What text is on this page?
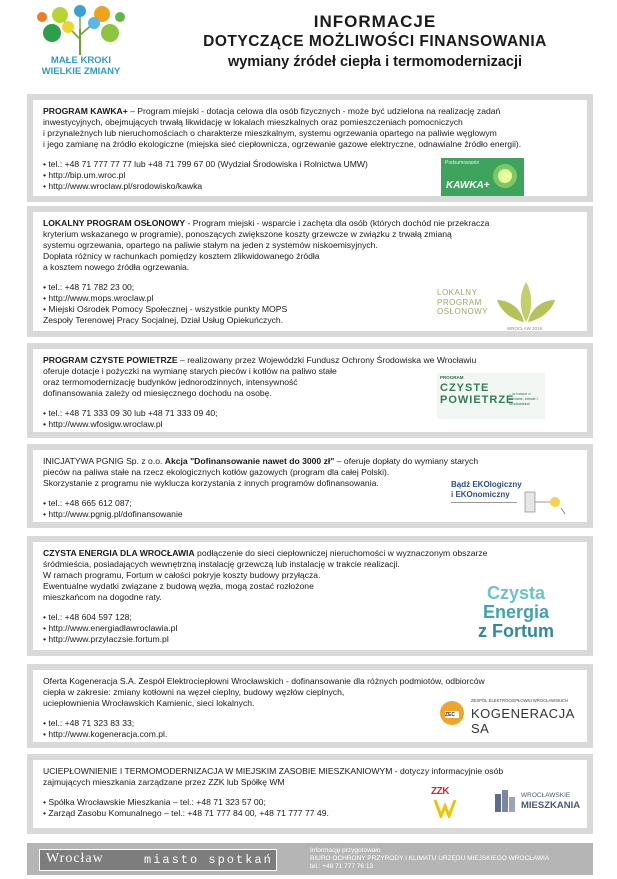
MAŁE KROKI
WIELKIE ZMIANY
INFORMACJE
DOTYCZĄCE MOŻLIWOŚCI FINANSOWANIA
wymiany źródeł ciepła i termomodernizacji

PROGRAM KAWKA+ – Program miejski - dotacja celowa dla osób fizycznych - może być udzielona na realizację zadań

inwestycyjnych, obejmujących trwałą likwidację w lokalach mieszkalnych oraz pomieszczeniach pomocniczych

i przynależnych lub nieruchomościach o charakterze mieszkalnym, systemu ogrzewania opartego na paliwie węglowym

i jego zamianę na źródło ekologiczne (miejska sieć ciepłownicza, ogrzewanie gazowe elektryczne, odnawialne źródło energii).

• tel.: +48 71 777 77 77 lub +48 71 799 67 00 (Wydział Środowiska i Rolnictwa UMW)

• http://bip.um.wroc.pl

• http://www.wroclaw.pl/srodowisko/kawka

Podsumowanie
KAWKA+

LOKALNY PROGRAM OSŁONOWY - Program miejski - wsparcie i zachęta dla osób (których dochód nie przekracza

kryterium wskazanego w programie), ponoszących zwiększone koszty grzewcze w związku z trwałą zmianą

systemu ogrzewania, opartego na paliwie stałym na jeden z systemów niskoemisyjnych.

Dopłata różnicy w rachunkach pomiędzy kosztem zlikwidowanego źródła

a kosztem nowego źródła ogrzewania.

• tel.: +48 71 782 23 00;

• http://www.mops.wroclaw.pl

• Miejski Ośrodek Pomocy Społecznej - wszystkie punkty MOPS

Zespoły Terenowej Pracy Socjalnej, Dział Usług Opiekuńczych.

LOKALNY
PROGRAM
OSŁONOWY
WROCŁAW 2016

PROGRAM CZYSTE POWIETRZE – realizowany przez Wojewódzki Fundusz Ochrony Środowiska we Wrocławiu

oferuje dotacje i pożyczki na wymianę starych pieców i kotłów na paliwo stałe

oraz termomodernizację budynków jednorodzinnych, intensywność

dofinansowania zależy od miesięcznego dochodu na osobę.

• tel.: +48 71 333 09 30 lub +48 71 333 09 40;

• http://www.wfosigw.wroclaw.pl

PROGRAM
CZYSTE
POWIETRZE
– w trosce o zdrowie, klimat i środowisko!

INICJATYWA PGNIG Sp. z o.o. Akcja "Dofinansowanie nawet do 3000 zł" – oferuje dopłaty do wymiany starych

pieców na paliwa stałe na rzecz ekologicznych kotłów gazowych (program dla całej Polski).

Skorzystanie z programu nie wyklucza korzystania z innych programów dofinansowania.

• tel.: +48 665 612 087;

• http://www.pgnig.pl/dofinansowanie

Bądź EKOlogiczny
i EKOnomiczny

CZYSTA ENERGIA DLA WROCŁAWIA podłączenie do sieci ciepłowniczej nieruchomości w wyznaczonym obszarze

śródmieścia, posiadających wewnętrzną instalację grzewczą lub instalację w trakcie realizacji.

W ramach programu, Fortum w całości pokryje koszty budowy przyłącza.

Ewentualne wydatki związane z budową węzła, mogą zostać rozłożone

mieszkańcom na dogodne raty.

• tel.: +48 604 597 128;

• http://www.energiadlawroclawia.pl

• http://www.przylaczsie.fortum.pl

Czysta
Energia
z Fortum

Oferta Kogeneracja S.A. Zespół Elektrociepłowni Wrocławskich - dofinansowanie dla różnych podmiotów, odbiorców

ciepła w zakresie: zmiany kotłowni na węzeł cieplny, budowy węzłów cieplnych,

uciepłownienia Wrocławskich Kamienic, sieci lokalnych.

• tel.: +48 71 323 83 33;

• http://www.kogeneracja.com.pl.

ZEC
ZESPÓŁ ELEKTROCIEPŁOWNI WROCŁAWSKICH
KOGENERACJA SA

UCIEPŁOWNIENIE I TERMOMODERNIZACJA W MIEJSKIM ZASOBIE MIESZKANIOWYM - dotyczy informacyjnie osób

zajmujących mieszkania zarządzane przez ZZK lub Spółkę WM

• Spółka Wrocławskie Mieszkania – tel.: +48 71 323 57 00;

• Zarząd Zasobu Komunalnego – tel.: +48 71 777 84 00, +48 71 777 77 49.

ZZK	WROCŁAWSKIE
MIESZKANIA
Wrocław	miasto spotkań
Informację przygotowało
BIURO OCHRONY PRZYRODY I KLIMATU URZĘDU MIEJSKIEGO WROCŁAWIA
tel.: +48 71 777 76 13
